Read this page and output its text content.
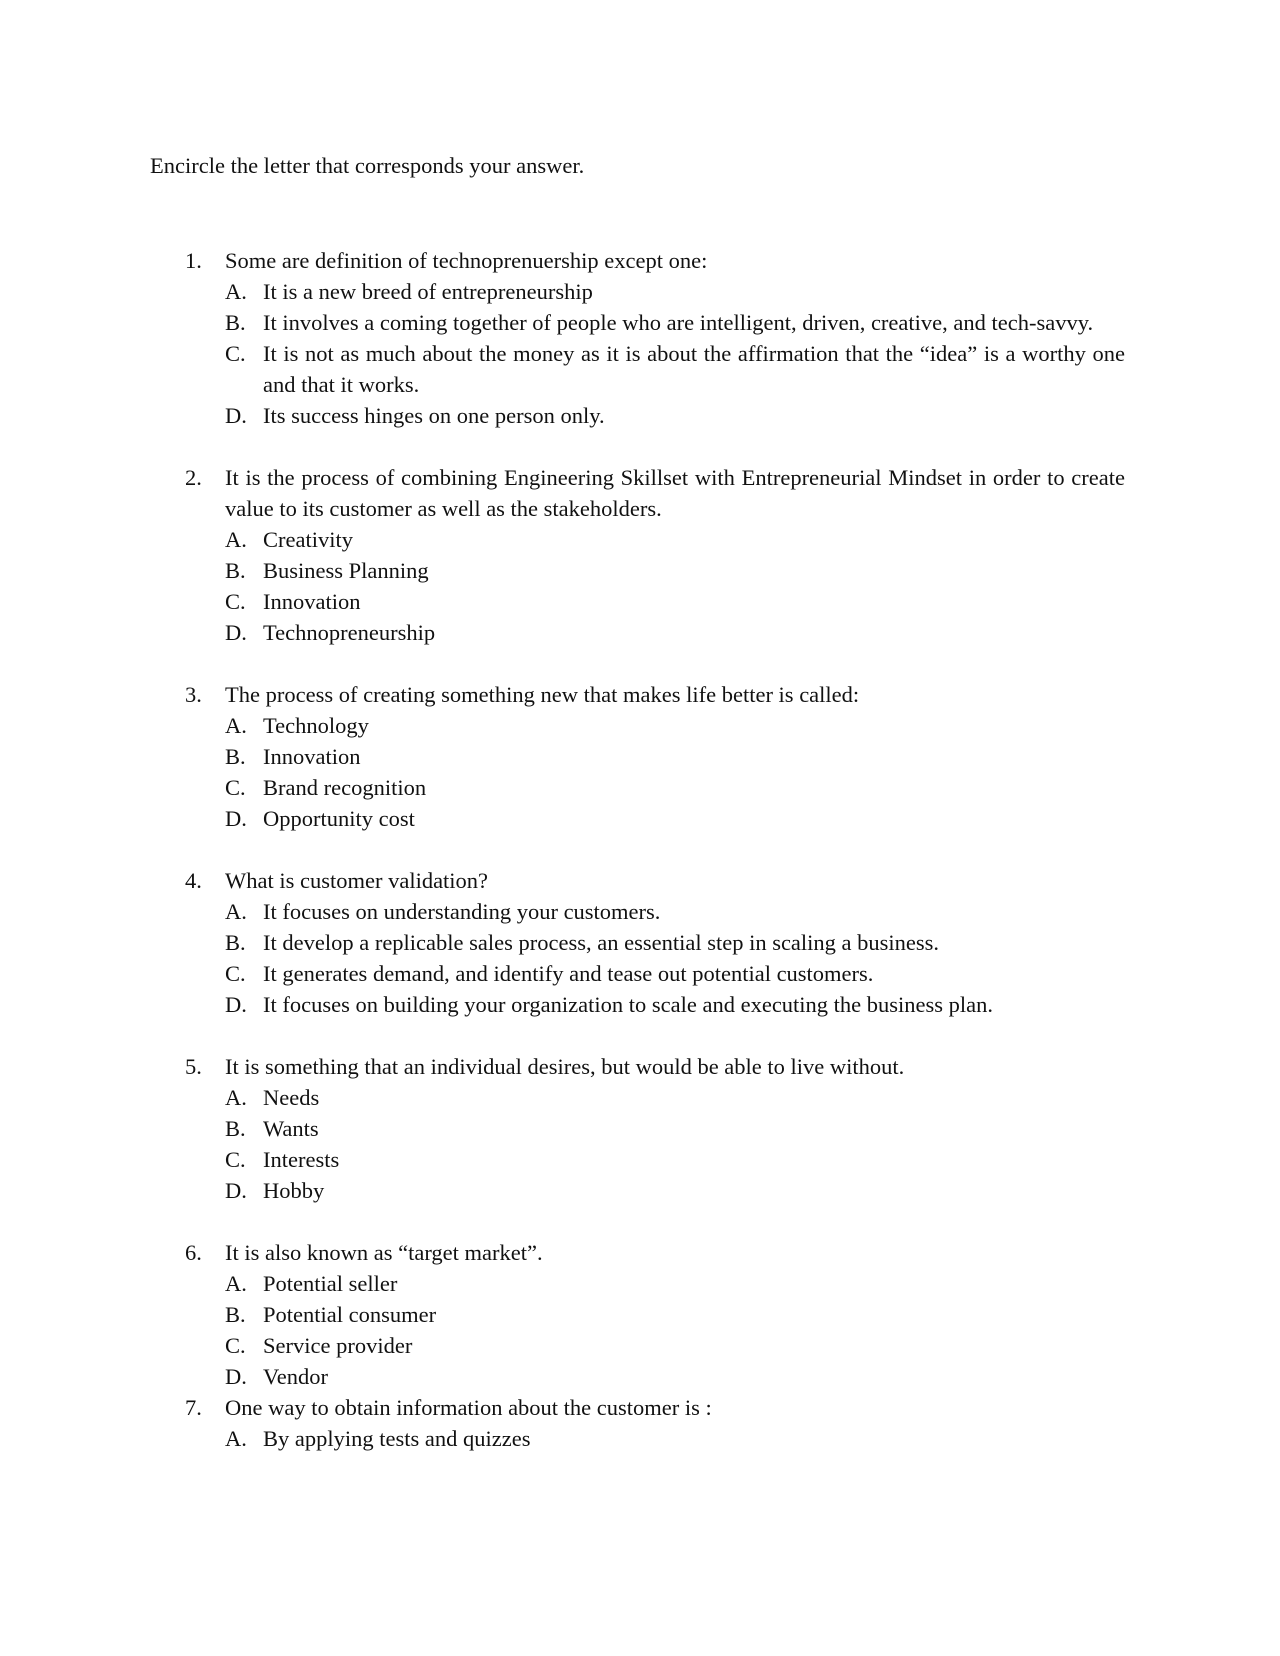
Encircle the letter that corresponds your answer.
1. Some are definition of technoprenuership except one:
A. It is a new breed of entrepreneurship
B. It involves a coming together of people who are intelligent, driven, creative, and tech-savvy.
C. It is not as much about the money as it is about the affirmation that the “idea” is a worthy one and that it works.
D. Its success hinges on one person only.
2. It is the process of combining Engineering Skillset with Entrepreneurial Mindset in order to create value to its customer as well as the stakeholders.
A. Creativity
B. Business Planning
C. Innovation
D. Technopreneurship
3. The process of creating something new that makes life better is called:
A. Technology
B. Innovation
C. Brand recognition
D. Opportunity cost
4. What is customer validation?
A. It focuses on understanding your customers.
B. It develop a replicable sales process, an essential step in scaling a business.
C. It generates demand, and identify and tease out potential customers.
D. It focuses on building your organization to scale and executing the business plan.
5. It is something that an individual desires, but would be able to live without.
A. Needs
B. Wants
C. Interests
D. Hobby
6. It is also known as “target market”.
A. Potential seller
B. Potential consumer
C. Service provider
D. Vendor
7. One way to obtain information about the customer is :
A. By applying tests and quizzes
